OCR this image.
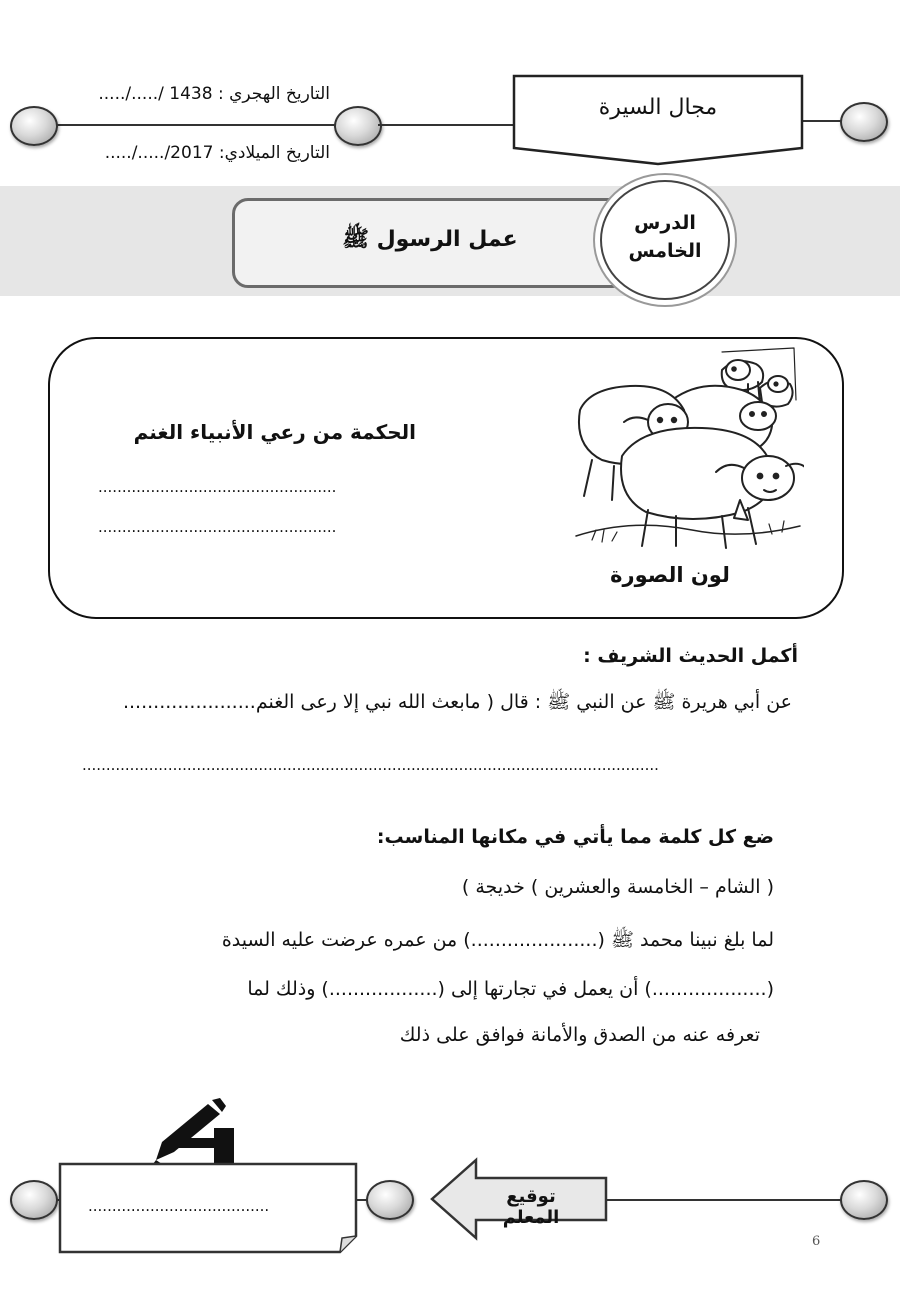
التاريخ الهجري : ...../...../ 1438
التاريخ الميلادي: ...../...../2017
مجال السيرة
عمل الرسول ﷺ
الدرس
الخامس
الحكمة من رعي الأنبياء الغنم
..................................................
..................................................
لون الصورة
أكمل الحديث الشريف :
عن أبي هريرة ﷺ عن النبي ﷺ : قال ( مابعث الله نبي إلا رعى الغنم......................
.........................................................................................................................
ضع كل كلمة مما يأتي في مكانها المناسب:
( الشام – الخامسة والعشرين ) خديجة )
لما بلغ نبينا محمد ﷺ (.....................) من عمره عرضت عليه السيدة
(...................) أن يعمل في تجارتها إلى (..................) وذلك لما
تعرفه عنه من الصدق والأمانة فوافق على ذلك
......................................	توقيع المعلم
6
